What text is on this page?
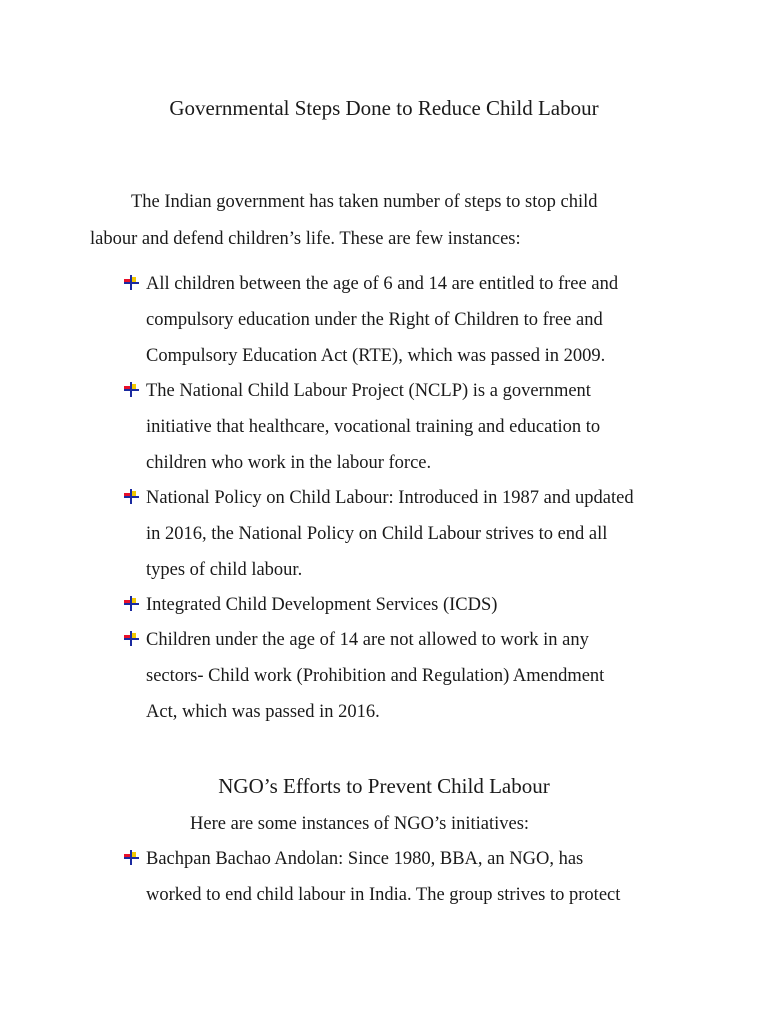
Governmental Steps Done to Reduce Child Labour
The Indian government has taken number of steps to stop child
labour and defend children’s life. These are few instances:
All children between the age of 6 and 14 are entitled to free and
compulsory education under the Right of Children to free and
Compulsory Education Act (RTE), which was passed in 2009.
The National Child Labour Project (NCLP) is a government
initiative that healthcare, vocational training and education to
children who work in the labour force.
National Policy on Child Labour: Introduced in 1987 and updated
in 2016, the National Policy on Child Labour strives to end all
types of child labour.
Integrated Child Development Services (ICDS)
Children under the age of 14 are not allowed to work in any
sectors- Child work (Prohibition and Regulation) Amendment
Act, which was passed in 2016.
NGO’s Efforts to Prevent Child Labour
Here are some instances of NGO’s initiatives:
Bachpan Bachao Andolan: Since 1980, BBA, an NGO, has
worked to end child labour in India. The group strives to protect
